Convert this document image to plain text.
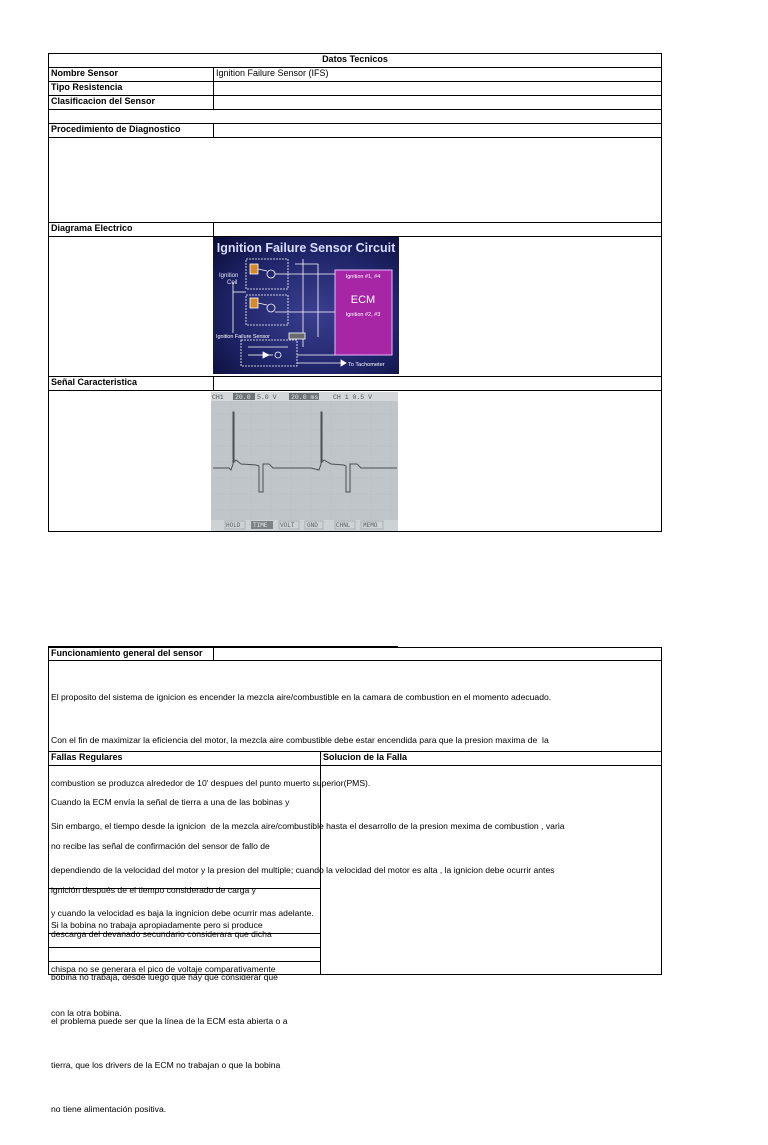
Datos Tecnicos
Nombre Sensor	Ignition Failure Sensor (IFS)
Tipo Resistencia
Clasificacion del Sensor
Procedimiento de Diagnostico
Diagrama Electrico
Señal Caracteristica
Ignition Failure Sensor Circuit
ECM
Ignition #1, #4
Ignition #2, #3
Ignition Coil
Ignition Failure Sensor
To Tachometer
CH1 20.0 5.0 V 20.0 ms CH 1 0.5 V
HOLD TIME VOLT GND	CHNL MEMO
Funcionamiento general del sensor

El proposito del sistema de ignicion es encender la mezcla aire/combustible en la camara de combustion en el momento adecuado.

Con el fin de maximizar la eficiencia del motor, la mezcla aire combustible debe estar encendida para que la presion maxima de  la

combustion se produzca alrededor de 10' despues del punto muerto superior(PMS).

Sin embargo, el tiempo desde la ignicion  de la mezcla aire/combustible hasta el desarrollo de la presion mexima de combustion , varia

dependiendo de la velocidad del motor y la presion del multiple; cuando la velocidad del motor es alta , la ignicion debe ocurrir antes

y cuando la velocidad es baja la ingnicion debe ocurrir mas adelante.

Fallas Regulares	Solucion de la Falla

Cuando la ECM envía la señal de tierra a una de las bobinas y

no recibe las señal de confirmación del sensor de fallo de

ignición después de el tiempo considerado de carga y

descarga del devanado secundario considerara que dicha

bobina no trabaja, desde luego que hay que considerar que

el problema puede ser que la línea de la ECM esta abierta o a

tierra, que los drivers de la ECM no trabajan o que la bobina

no tiene alimentación positiva.

Si la bobina no trabaja apropiadamente pero si produce

chispa no se generara el pico de voltaje comparativamente

con la otra bobina.
